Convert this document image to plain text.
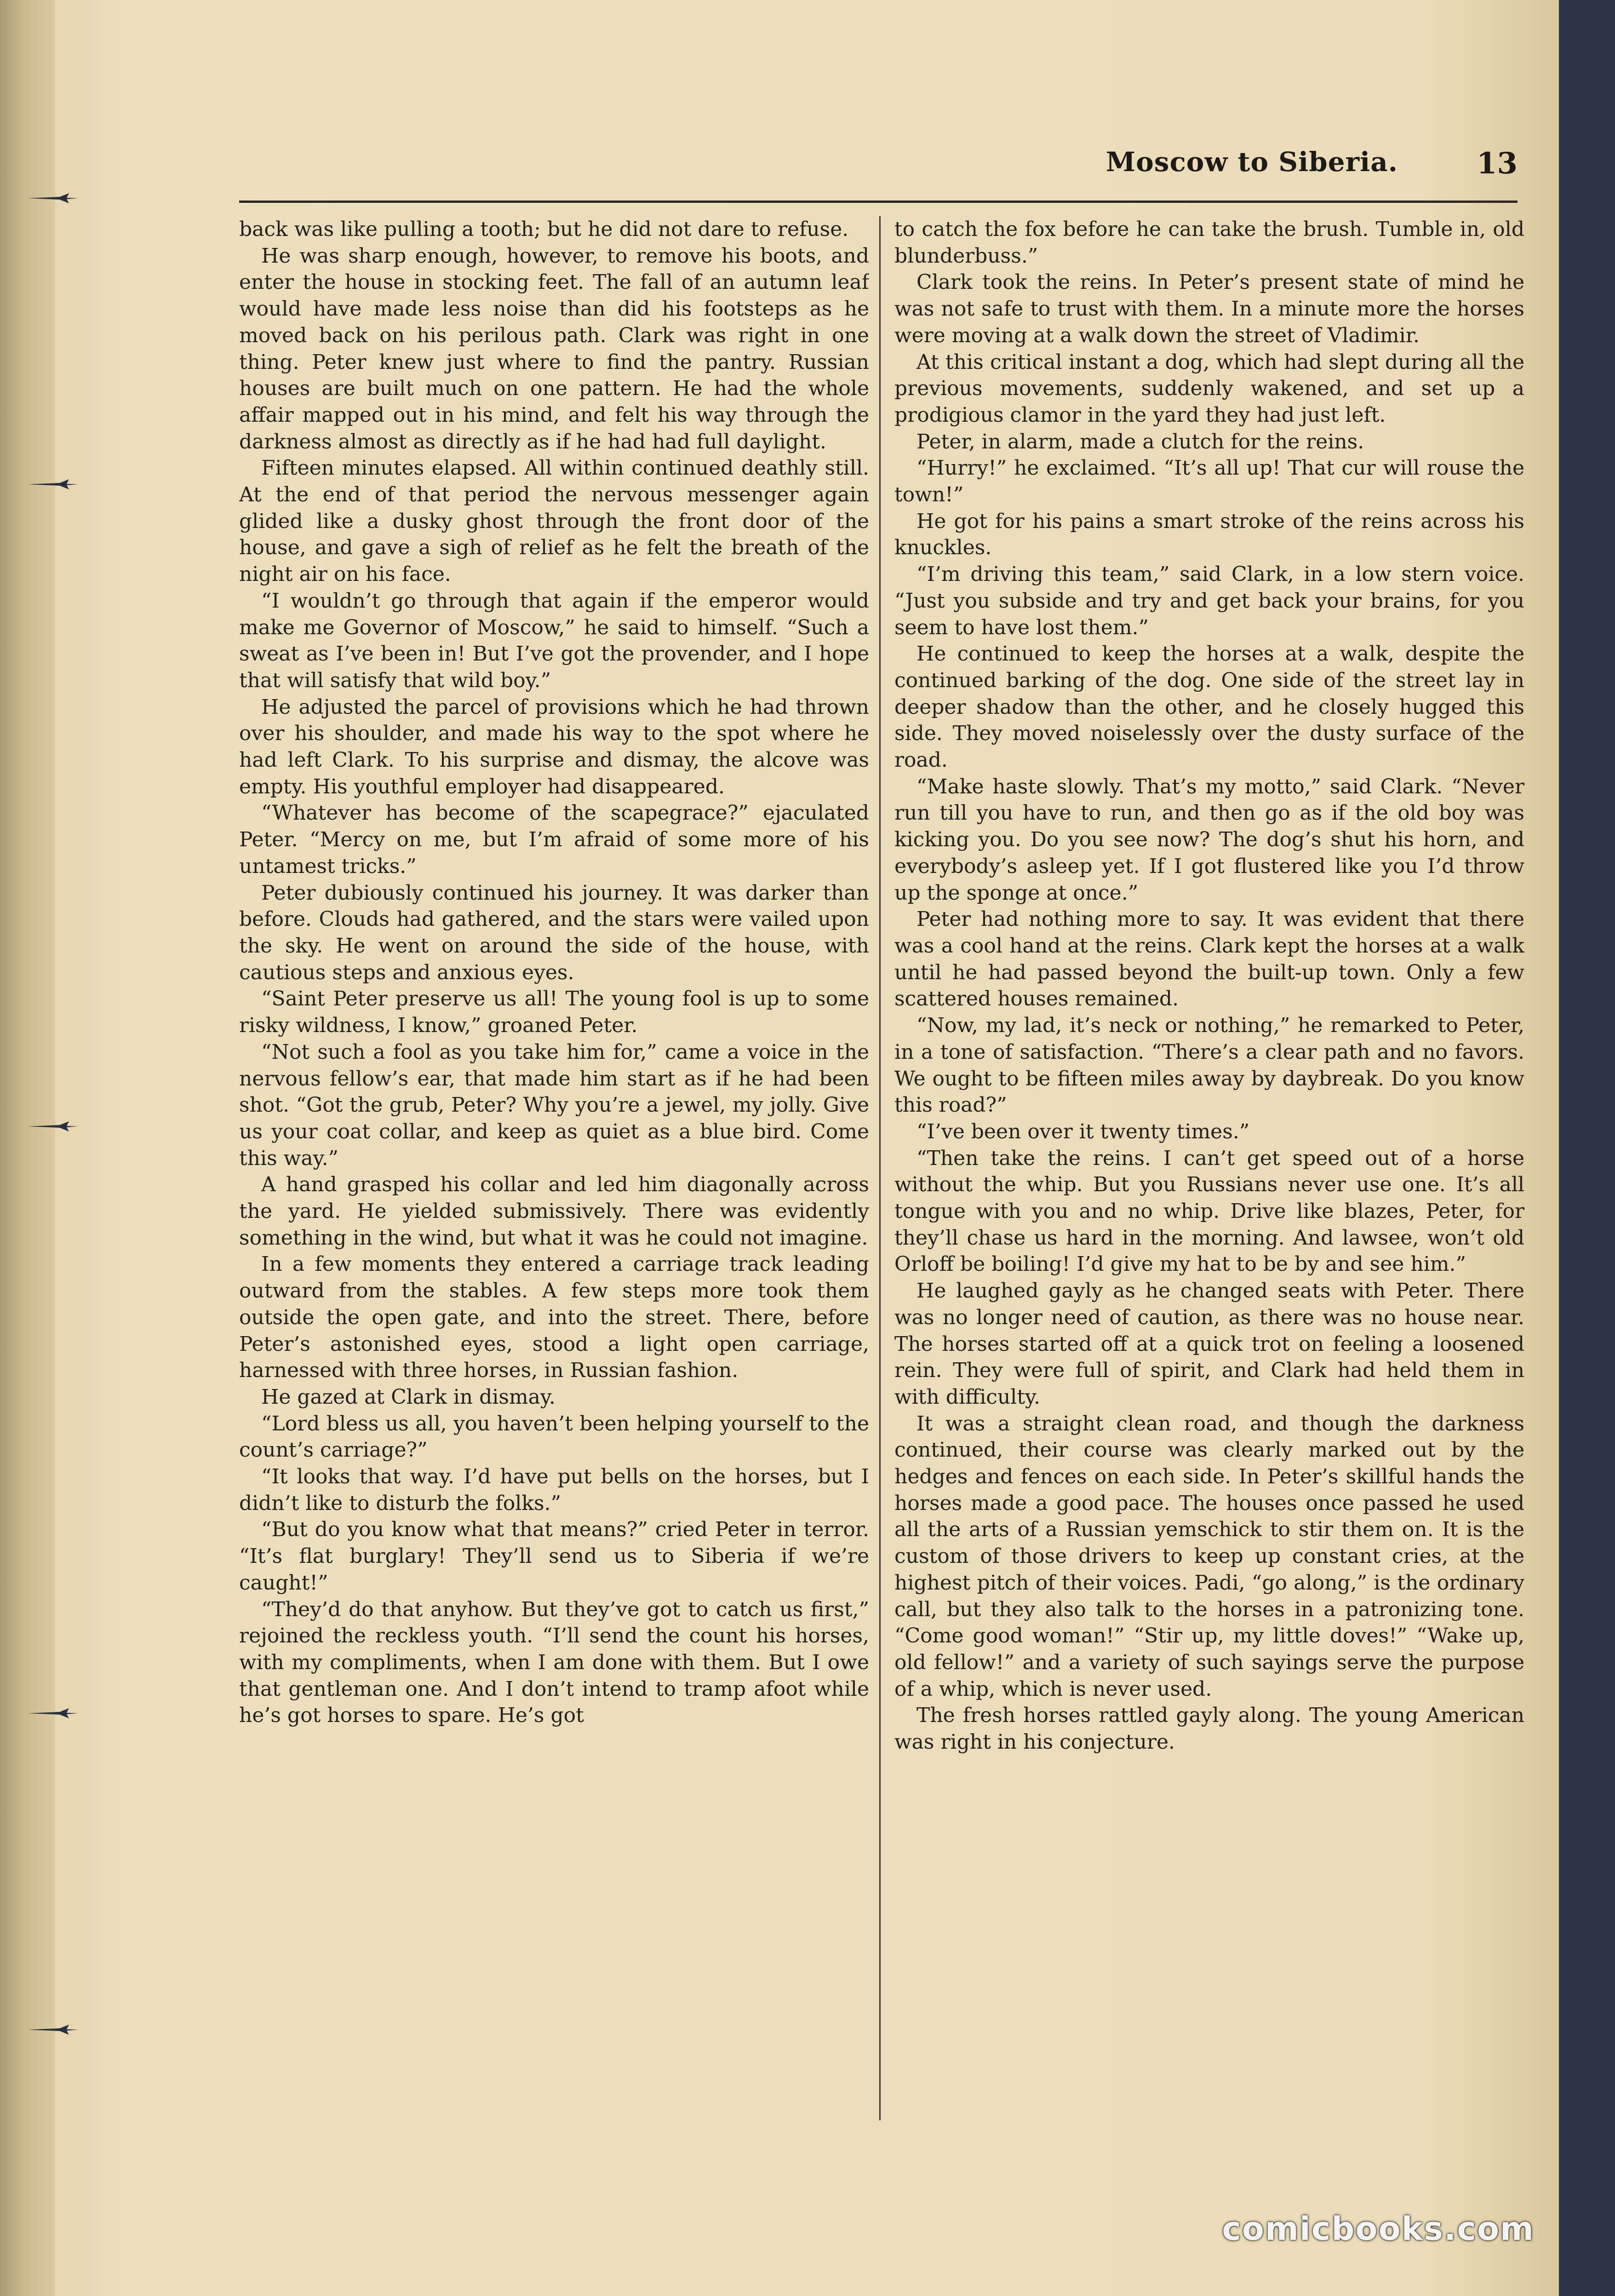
Moscow to Siberia.	13

back was like pulling a tooth; but he did not dare to refuse.

He was sharp enough, however, to remove his boots, and enter the house in stocking feet. The fall of an autumn leaf would have made less noise than did his footsteps as he moved back on his perilous path. Clark was right in one thing. Peter knew just where to find the pantry. Russian houses are built much on one pattern. He had the whole affair mapped out in his mind, and felt his way through the darkness almost as directly as if he had had full daylight.

Fifteen minutes elapsed. All within continued deathly still. At the end of that period the nervous messenger again glided like a dusky ghost through the front door of the house, and gave a sigh of relief as he felt the breath of the night air on his face.

“I wouldn’t go through that again if the emperor would make me Governor of Moscow,” he said to himself. “Such a sweat as I’ve been in! But I’ve got the provender, and I hope that will satisfy that wild boy.”

He adjusted the parcel of provisions which he had thrown over his shoulder, and made his way to the spot where he had left Clark. To his surprise and dismay, the alcove was empty. His youthful employer had disappeared.

“Whatever has become of the scapegrace?” ejaculated Peter. “Mercy on me, but I’m afraid of some more of his untamest tricks.”

Peter dubiously continued his journey. It was darker than before. Clouds had gathered, and the stars were vailed upon the sky. He went on around the side of the house, with cautious steps and anxious eyes.

“Saint Peter preserve us all! The young fool is up to some risky wildness, I know,” groaned Peter.

“Not such a fool as you take him for,” came a voice in the nervous fellow’s ear, that made him start as if he had been shot. “Got the grub, Peter? Why you’re a jewel, my jolly. Give us your coat collar, and keep as quiet as a blue bird. Come this way.”

A hand grasped his collar and led him diagonally across the yard. He yielded submissively. There was evidently something in the wind, but what it was he could not imagine.

In a few moments they entered a carriage track leading outward from the stables. A few steps more took them outside the open gate, and into the street. There, before Peter’s astonished eyes, stood a light open carriage, harnessed with three horses, in Russian fashion.

He gazed at Clark in dismay.

“Lord bless us all, you haven’t been helping yourself to the count’s carriage?”

“It looks that way. I’d have put bells on the horses, but I didn’t like to disturb the folks.”

“But do you know what that means?” cried Peter in terror. “It’s flat burglary! They’ll send us to Siberia if we’re caught!”

“They’d do that anyhow. But they’ve got to catch us first,” rejoined the reckless youth. “I’ll send the count his horses, with my compliments, when I am done with them. But I owe that gentleman one. And I don’t intend to tramp afoot while he’s got horses to spare. He’s got

to catch the fox before he can take the brush. Tumble in, old blunderbuss.”

Clark took the reins. In Peter’s present state of mind he was not safe to trust with them. In a minute more the horses were moving at a walk down the street of Vladimir.

At this critical instant a dog, which had slept during all the previous movements, suddenly wakened, and set up a prodigious clamor in the yard they had just left.

Peter, in alarm, made a clutch for the reins.

“Hurry!” he exclaimed. “It’s all up! That cur will rouse the town!”

He got for his pains a smart stroke of the reins across his knuckles.

“I’m driving this team,” said Clark, in a low stern voice. “Just you subside and try and get back your brains, for you seem to have lost them.”

He continued to keep the horses at a walk, despite the continued barking of the dog. One side of the street lay in deeper shadow than the other, and he closely hugged this side. They moved noiselessly over the dusty surface of the road.

“Make haste slowly. That’s my motto,” said Clark. “Never run till you have to run, and then go as if the old boy was kicking you. Do you see now? The dog’s shut his horn, and everybody’s asleep yet. If I got flustered like you I’d throw up the sponge at once.”

Peter had nothing more to say. It was evident that there was a cool hand at the reins. Clark kept the horses at a walk until he had passed beyond the built-up town. Only a few scattered houses remained.

“Now, my lad, it’s neck or nothing,” he remarked to Peter, in a tone of satisfaction. “There’s a clear path and no favors. We ought to be fifteen miles away by daybreak. Do you know this road?”

“I’ve been over it twenty times.”

“Then take the reins. I can’t get speed out of a horse without the whip. But you Russians never use one. It’s all tongue with you and no whip. Drive like blazes, Peter, for they’ll chase us hard in the morning. And lawsee, won’t old Orloff be boiling! I’d give my hat to be by and see him.”

He laughed gayly as he changed seats with Peter. There was no longer need of caution, as there was no house near. The horses started off at a quick trot on feeling a loosened rein. They were full of spirit, and Clark had held them in with difficulty.

It was a straight clean road, and though the darkness continued, their course was clearly marked out by the hedges and fences on each side. In Peter’s skillful hands the horses made a good pace. The houses once passed he used all the arts of a Russian yemschick to stir them on. It is the custom of those drivers to keep up constant cries, at the highest pitch of their voices. Padi, “go along,” is the ordinary call, but they also talk to the horses in a patronizing tone. “Come good woman!” “Stir up, my little doves!” “Wake up, old fellow!” and a variety of such sayings serve the purpose of a whip, which is never used.

The fresh horses rattled gayly along. The young American was right in his conjecture.

comicbooks.com
